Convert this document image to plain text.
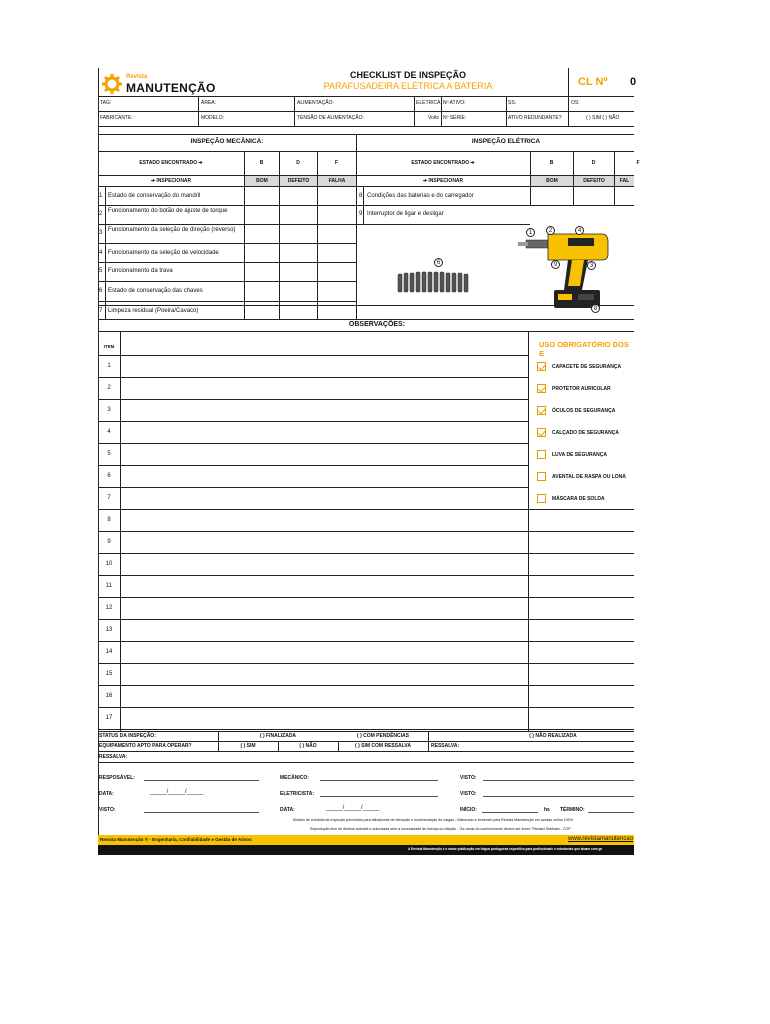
Revista
MANUTENÇÃO
CHECKLIST DE INSPEÇÃO
PARAFUSADEIRA ELÉTRICA A BATERIA	CL Nº 0
TAG:	ÁREA:	ALIMENTAÇÃO:	ELÉTRICA Nº ATIVO:	SS:	OS:
FABRICANTE:	MODELO:	TENSÃO DE ALIMENTAÇÃO:	Volts Nº SÉRIE:	ATIVO REDUNDANTE?	( ) SIM ( ) NÃO
INSPEÇÃO MECÂNICA:	INSPEÇÃO ELÉTRICA
ESTADO ENCONTRADO ➔	B	D	F	ESTADO ENCONTRADO ➔	B	D	F
➔ INSPECIONAR	BOM	DEFEITO	FALHA	➔ INSPECIONAR	BOM	DEFEITO	FAL
1 Estado de conservação do mandril
2 Funcionamento do botão de ajuste de torque
3 Funcionamento da seleção de direção (reverso)
4 Funcionamento da seleção de velocidade
5 Funcionamento da trava
6 Estado de conservação das chaves
7 Limpeza residual (Poeira/Cavaco)
8 Condições das baterias e do carregador
9 Interruptor de ligar e desligar
6
1	2	4
9	3
8
OBSERVAÇÕES:
ITEM
1
2
3
4
5
6
7
8
9
10
11
12
13
14
15
16
17
USO OBRIGATÓRIO DOS E
CAPACETE DE SEGURANÇA
PROTETOR AURICULAR
ÓCULOS DE SEGURANÇA
CALÇADO DE SEGURANÇA
LUVA DE SEGURANÇA
AVENTAL DE RASPA OU LONA
MÁSCARA DE SOLDA
STATUS DA INSPEÇÃO:	( ) FINALIZADA	( ) COM PENDÊNCIAS	( ) NÃO REALIZADA
EQUIPAMENTO APTO PARA OPERAR?	( ) SIM	( ) NÃO	( ) SIM COM RESSALVA	RESSALVA:
RESSALVA:
RESPOSÁVEL:	MECÂNICO:	VISTO:
DATA:	_____/_____/_____	ELETRICISTA:	VISTO:
VISTO:	DATA:	_____/_____/_____	INÍCIO:	hs TÉRMINO:
Modelo de checklist de inspeção preventiva para talha/ponte de elevação e movimentação de cargas - Elaborado e fornecido pela Revista Manutenção em acesso online 100%
Reprodução livre de direitos autorais e autorizada sem a necessidade de licença ou citação - "As obras do conhecimento devem ser livres" Richard Stallman - COP
Revista Manutenção ® - Engenharia, Confiabilidade e Gestão de Ativos	www.revistamanutencao
A Revista Manutenção é a maior publicação em língua portuguesa específica para profissionais e estudantes que atuam com ge
